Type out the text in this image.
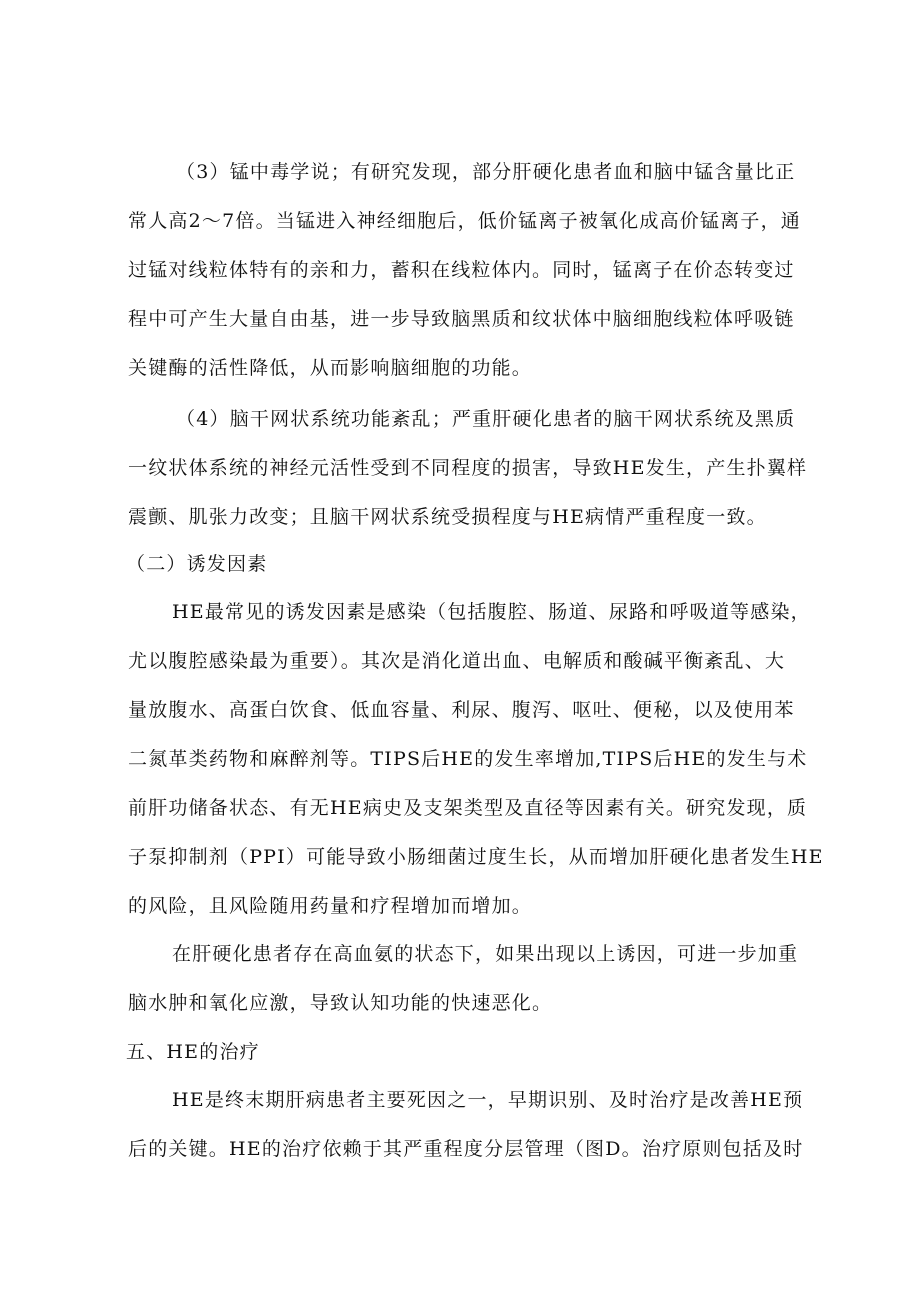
（3）锰中毒学说；有研究发现，部分肝硬化患者血和脑中锰含量比正
常人高2～7倍。当锰进入神经细胞后，低价锰离子被氧化成高价锰离子，通
过锰对线粒体特有的亲和力，蓄积在线粒体内。同时，锰离子在价态转变过
程中可产生大量自由基，进一步导致脑黑质和纹状体中脑细胞线粒体呼吸链
关键酶的活性降低，从而影响脑细胞的功能。
（4）脑干网状系统功能紊乱；严重肝硬化患者的脑干网状系统及黑质
一纹状体系统的神经元活性受到不同程度的损害，导致HE发生，产生扑翼样
震颤、肌张力改变；且脑干网状系统受损程度与HE病情严重程度一致。
（二）诱发因素
HE最常见的诱发因素是感染（包括腹腔、肠道、尿路和呼吸道等感染，
尤以腹腔感染最为重要）。其次是消化道出血、电解质和酸碱平衡紊乱、大
量放腹水、高蛋白饮食、低血容量、利尿、腹泻、呕吐、便秘，以及使用苯
二氮革类药物和麻醉剂等。TIPS后HE的发生率增加,TIPS后HE的发生与术
前肝功储备状态、有无HE病史及支架类型及直径等因素有关。研究发现，质
子泵抑制剂（PPI）可能导致小肠细菌过度生长，从而增加肝硬化患者发生HE
的风险，且风险随用药量和疗程增加而增加。
在肝硬化患者存在高血氨的状态下，如果出现以上诱因，可进一步加重
脑水肿和氧化应激，导致认知功能的快速恶化。
五、HE的治疗
HE是终末期肝病患者主要死因之一，早期识别、及时治疗是改善HE预
后的关键。HE的治疗依赖于其严重程度分层管理（图D。治疗原则包括及时
